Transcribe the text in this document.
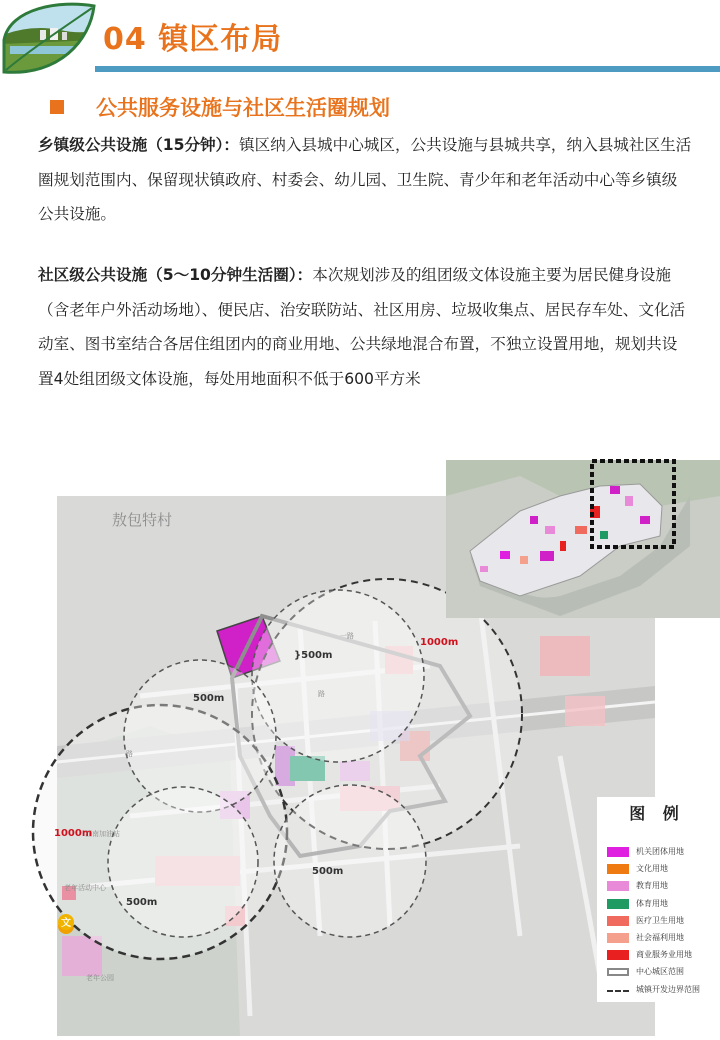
04 镇区布局
公共服务设施与社区生活圈规划
乡镇级公共设施（15分钟）：镇区纳入县城中心城区，公共设施与县城共享，纳入县城社区生活圈规划范围内、保留现状镇政府、村委会、幼儿园、卫生院、青少年和老年活动中心等乡镇级公共设施。
社区级公共设施（5～10分钟生活圈）：本次规划涉及的组团级文体设施主要为居民健身设施（含老年户外活动场地）、便民店、治安联防站、社区用房、垃圾收集点、居民存车处、文化活动室、图书室结合各居住组团内的商业用地、公共绿地混合布置，不独立设置用地，规划共设置4处组团级文体设施，每处用地面积不低于600平方米
敖包特村
1000m
1000m
}500m
500m
500m
500m
一路
路
路
江南加油站
老年活动中心
老年公园
文
图 例
机关团体用地
文化用地
教育用地
体育用地
医疗卫生用地
社会福利用地
商业服务业用地
中心城区范围
城镇开发边界范围
